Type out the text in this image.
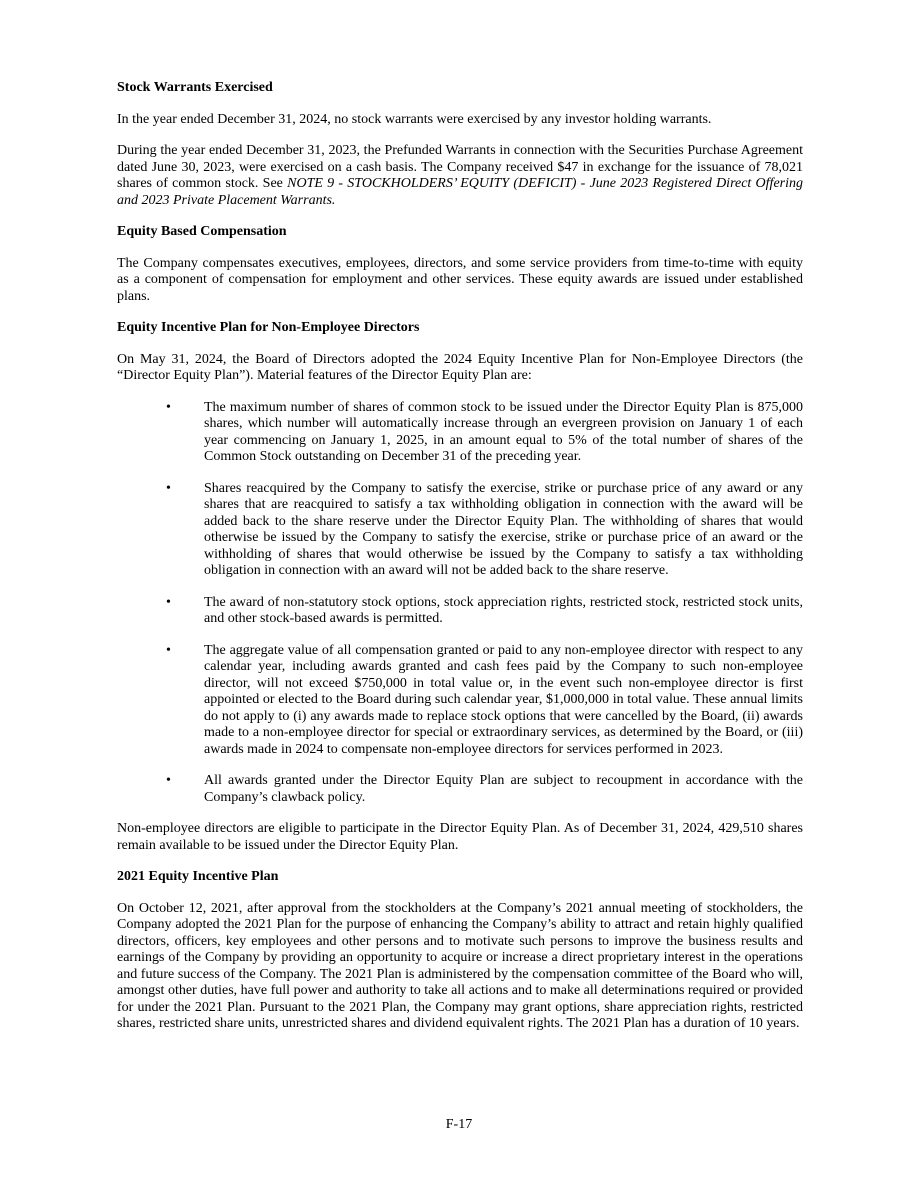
Stock Warrants Exercised

In the year ended December 31, 2024, no stock warrants were exercised by any investor holding warrants.

During the year ended December 31, 2023, the Prefunded Warrants in connection with the Securities Purchase Agreement dated June 30, 2023, were exercised on a cash basis. The Company received $47 in exchange for the issuance of 78,021 shares of common stock. See NOTE 9 - STOCKHOLDERS’ EQUITY (DEFICIT) - June 2023 Registered Direct Offering and 2023 Private Placement Warrants.

Equity Based Compensation

The Company compensates executives, employees, directors, and some service providers from time-to-time with equity as a component of compensation for employment and other services. These equity awards are issued under established plans.

Equity Incentive Plan for Non-Employee Directors

On May 31, 2024, the Board of Directors adopted the 2024 Equity Incentive Plan for Non-Employee Directors (the “Director Equity Plan”). Material features of the Director Equity Plan are:

• The maximum number of shares of common stock to be issued under the Director Equity Plan is 875,000 shares, which number will automatically increase through an evergreen provision on January 1 of each year commencing on January 1, 2025, in an amount equal to 5% of the total number of shares of the Common Stock outstanding on December 31 of the preceding year.
• Shares reacquired by the Company to satisfy the exercise, strike or purchase price of any award or any shares that are reacquired to satisfy a tax withholding obligation in connection with the award will be added back to the share reserve under the Director Equity Plan. The withholding of shares that would otherwise be issued by the Company to satisfy the exercise, strike or purchase price of an award or the withholding of shares that would otherwise be issued by the Company to satisfy a tax withholding obligation in connection with an award will not be added back to the share reserve.
• The award of non-statutory stock options, stock appreciation rights, restricted stock, restricted stock units, and other stock-based awards is permitted.
• The aggregate value of all compensation granted or paid to any non-employee director with respect to any calendar year, including awards granted and cash fees paid by the Company to such non-employee director, will not exceed $750,000 in total value or, in the event such non-employee director is first appointed or elected to the Board during such calendar year, $1,000,000 in total value. These annual limits do not apply to (i) any awards made to replace stock options that were cancelled by the Board, (ii) awards made to a non-employee director for special or extraordinary services, as determined by the Board, or (iii) awards made in 2024 to compensate non-employee directors for services performed in 2023.
• All awards granted under the Director Equity Plan are subject to recoupment in accordance with the Company’s clawback policy.

Non-employee directors are eligible to participate in the Director Equity Plan. As of December 31, 2024, 429,510 shares remain available to be issued under the Director Equity Plan.

2021 Equity Incentive Plan

On October 12, 2021, after approval from the stockholders at the Company’s 2021 annual meeting of stockholders, the Company adopted the 2021 Plan for the purpose of enhancing the Company’s ability to attract and retain highly qualified directors, officers, key employees and other persons and to motivate such persons to improve the business results and earnings of the Company by providing an opportunity to acquire or increase a direct proprietary interest in the operations and future success of the Company. The 2021 Plan is administered by the compensation committee of the Board who will, amongst other duties, have full power and authority to take all actions and to make all determinations required or provided for under the 2021 Plan. Pursuant to the 2021 Plan, the Company may grant options, share appreciation rights, restricted shares, restricted share units, unrestricted shares and dividend equivalent rights. The 2021 Plan has a duration of 10 years.

F-17
